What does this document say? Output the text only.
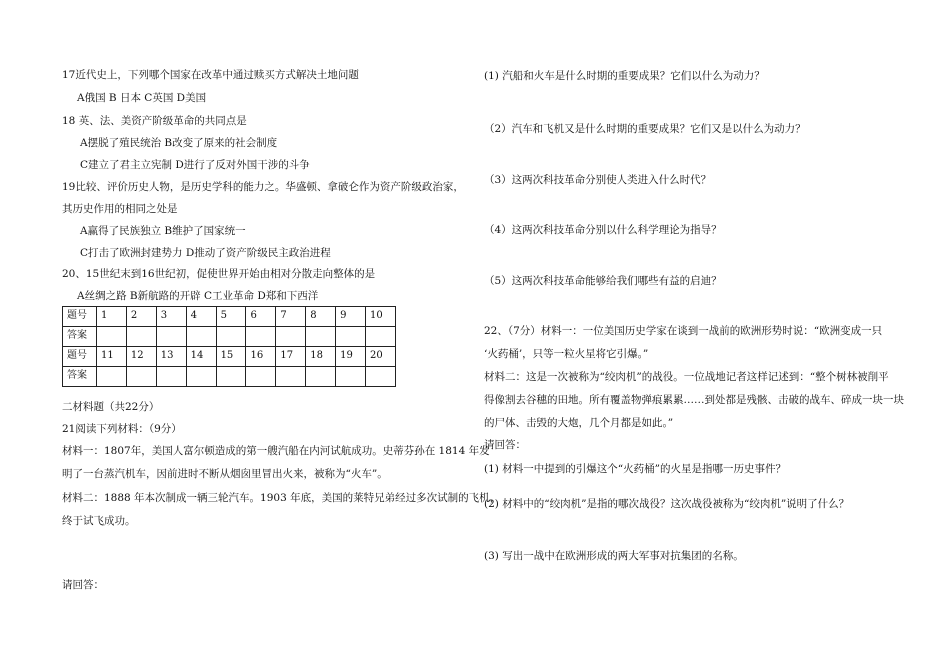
17近代史上，下列哪个国家在改革中通过赎买方式解决土地问题
A俄国 B 日本 C英国 D美国
18 英、法、美资产阶级革命的共同点是
A摆脱了殖民统治 B改变了原来的社会制度
C建立了君主立宪制 D进行了反对外国干涉的斗争
19比较、评价历史人物，是历史学科的能力之。华盛顿、拿破仑作为资产阶级政治家，
其历史作用的相同之处是
A赢得了民族独立 B维护了国家统一
C打击了欧洲封建势力 D推动了资产阶级民主政治进程
20、15世纪末到16世纪初，促使世界开始由相对分散走向整体的是
A丝绸之路 B新航路的开辟 C工业革命 D郑和下西洋
题号	1	2	3	4	5	6	7	8	9	10
答案										
题号	11	12	13	14	15	16	17	18	19	20
答案										
二材料题（共22分）
21阅读下列材料：（9分）
材料一：1807年，美国人富尔顿造成的第一艘汽船在内河试航成功。史蒂芬孙在 1814 年发
明了一台蒸汽机车，因前进时不断从烟囱里冒出火来，被称为“火车”。
材料二：1888 年本次制成一辆三轮汽车。1903 年底，美国的莱特兄弟经过多次试制的飞机，
终于试飞成功。
请回答：
(1) 汽船和火车是什么时期的重要成果？它们以什么为动力？
（2）汽车和飞机又是什么时期的重要成果？它们又是以什么为动力？
（3）这两次科技革命分别使人类进入什么时代？
（4）这两次科技革命分别以什么科学理论为指导？
（5）这两次科技革命能够给我们哪些有益的启迪？
22、（7分）材料一：一位美国历史学家在谈到一战前的欧洲形势时说：“欧洲变成一只
‘火药桶’，只等一粒火星将它引爆。”
材料二：这是一次被称为“绞肉机”的战役。一位战地记者这样记述到：“整个树林被削平
得像割去谷穗的田地。所有覆盖物弹痕累累……到处都是残骸、击破的战车、碎成一块一块
的尸体、击毁的大炮，几个月都是如此。”
请回答：
(1) 材料一中提到的引爆这个“火药桶”的火星是指哪一历史事件？
(2) 材料中的“绞肉机”是指的哪次战役？这次战役被称为“绞肉机”说明了什么？
(3) 写出一战中在欧洲形成的两大军事对抗集团的名称。
